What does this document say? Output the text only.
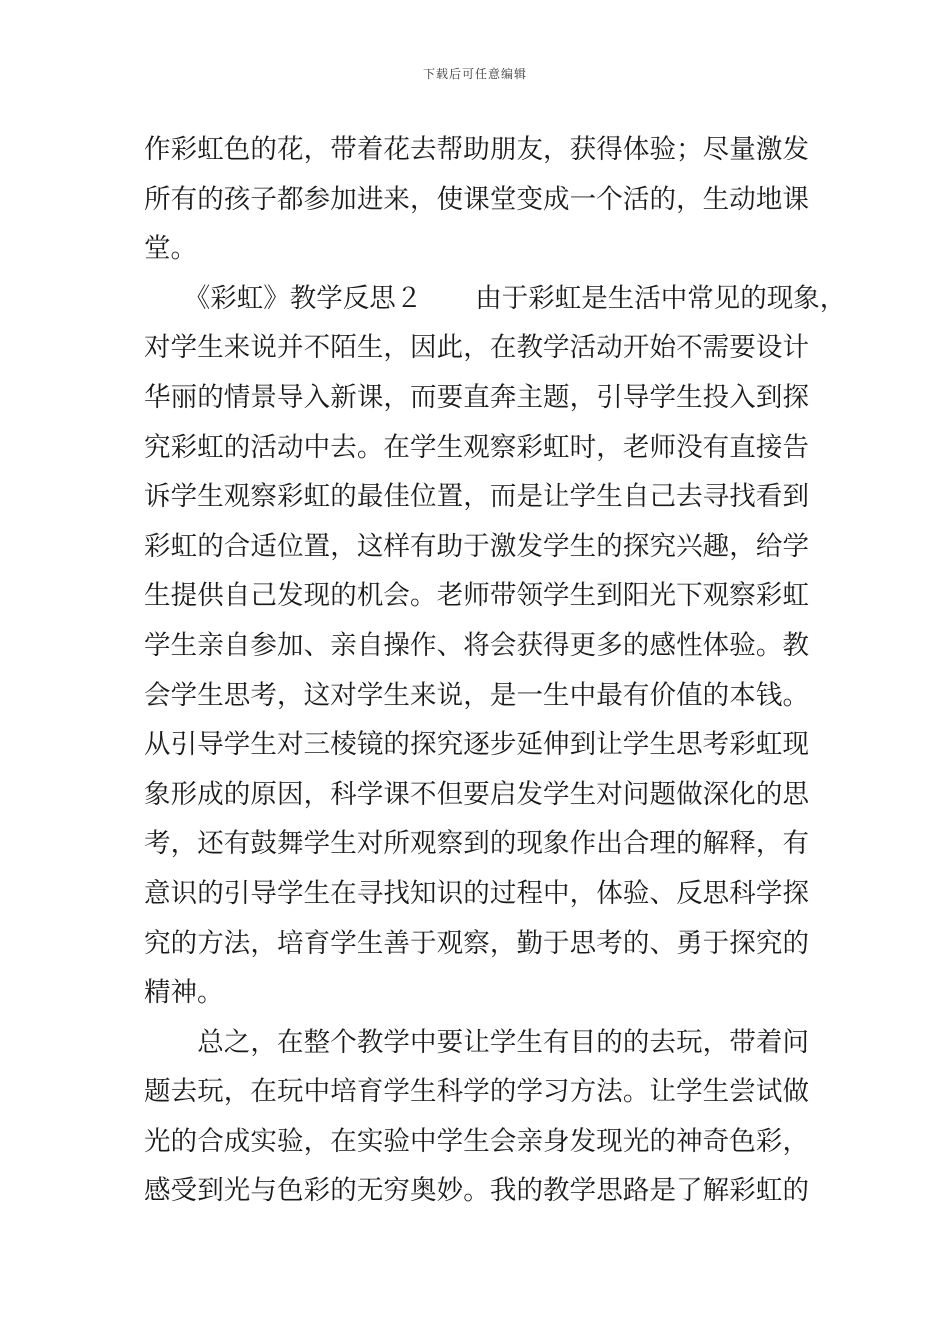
下载后可任意编辑
作彩虹色的花，带着花去帮助朋友，获得体验；尽量激发
所有的孩子都参加进来，使课堂变成一个活的，生动地课
堂。
　　《彩虹》教学反思２　　由于彩虹是生活中常见的现象，
对学生来说并不陌生，因此，在教学活动开始不需要设计
华丽的情景导入新课，而要直奔主题，引导学生投入到探
究彩虹的活动中去。在学生观察彩虹时，老师没有直接告
诉学生观察彩虹的最佳位置，而是让学生自己去寻找看到
彩虹的合适位置，这样有助于激发学生的探究兴趣，给学
生提供自己发现的机会。老师带领学生到阳光下观察彩虹
学生亲自参加、亲自操作、将会获得更多的感性体验。教
会学生思考，这对学生来说，是一生中最有价值的本钱。
从引导学生对三棱镜的探究逐步延伸到让学生思考彩虹现
象形成的原因，科学课不但要启发学生对问题做深化的思
考，还有鼓舞学生对所观察到的现象作出合理的解释，有
意识的引导学生在寻找知识的过程中，体验、反思科学探
究的方法，培育学生善于观察，勤于思考的、勇于探究的
精神。
　　总之，在整个教学中要让学生有目的的去玩，带着问
题去玩，在玩中培育学生科学的学习方法。让学生尝试做
光的合成实验，在实验中学生会亲身发现光的神奇色彩，
感受到光与色彩的无穷奥妙。我的教学思路是了解彩虹的
